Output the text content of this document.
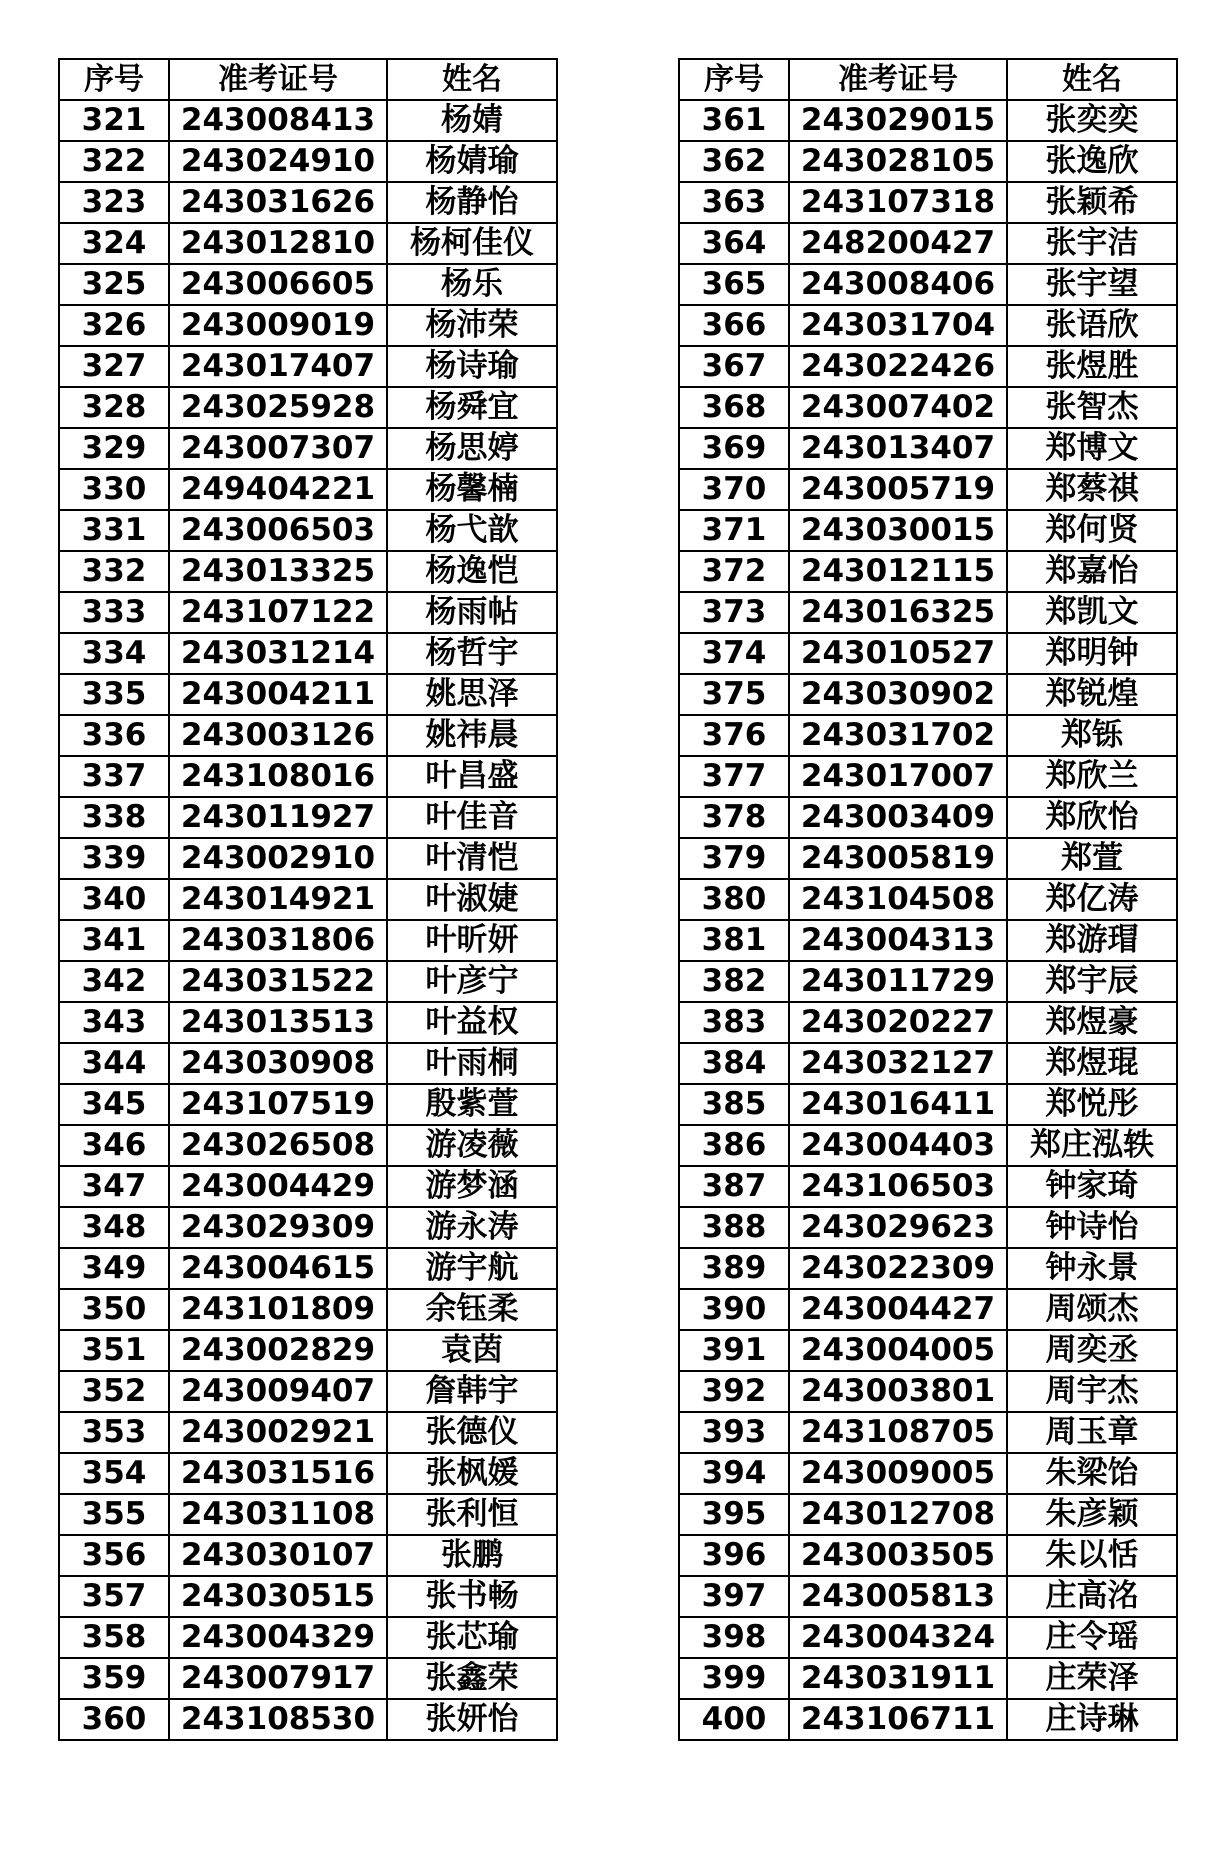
序号	准考证号	姓名
321	243008413	杨婧
322	243024910	杨婧瑜
323	243031626	杨静怡
324	243012810	杨柯佳仪
325	243006605	杨乐
326	243009019	杨沛荣
327	243017407	杨诗瑜
328	243025928	杨舜宜
329	243007307	杨思婷
330	249404221	杨馨楠
331	243006503	杨弋歆
332	243013325	杨逸恺
333	243107122	杨雨帖
334	243031214	杨哲宇
335	243004211	姚思泽
336	243003126	姚祎晨
337	243108016	叶昌盛
338	243011927	叶佳音
339	243002910	叶清恺
340	243014921	叶淑婕
341	243031806	叶昕妍
342	243031522	叶彦宁
343	243013513	叶益权
344	243030908	叶雨桐
345	243107519	殷紫萱
346	243026508	游凌薇
347	243004429	游梦涵
348	243029309	游永涛
349	243004615	游宇航
350	243101809	余钰柔
351	243002829	袁茵
352	243009407	詹韩宇
353	243002921	张德仪
354	243031516	张枫媛
355	243031108	张利恒
356	243030107	张鹏
357	243030515	张书畅
358	243004329	张芯瑜
359	243007917	张鑫荣
360	243108530	张妍怡
序号	准考证号	姓名
361	243029015	张奕奕
362	243028105	张逸欣
363	243107318	张颖希
364	248200427	张宇洁
365	243008406	张宇望
366	243031704	张语欣
367	243022426	张煜胜
368	243007402	张智杰
369	243013407	郑博文
370	243005719	郑蔡祺
371	243030015	郑何贤
372	243012115	郑嘉怡
373	243016325	郑凯文
374	243010527	郑明钟
375	243030902	郑锐煌
376	243031702	郑铄
377	243017007	郑欣兰
378	243003409	郑欣怡
379	243005819	郑萱
380	243104508	郑亿涛
381	243004313	郑游瑁
382	243011729	郑宇辰
383	243020227	郑煜豪
384	243032127	郑煜琨
385	243016411	郑悦彤
386	243004403	郑庄泓轶
387	243106503	钟家琦
388	243029623	钟诗怡
389	243022309	钟永景
390	243004427	周颂杰
391	243004005	周奕丞
392	243003801	周宇杰
393	243108705	周玉章
394	243009005	朱梁饴
395	243012708	朱彦颖
396	243003505	朱以恬
397	243005813	庄高洺
398	243004324	庄令瑶
399	243031911	庄荣泽
400	243106711	庄诗琳
